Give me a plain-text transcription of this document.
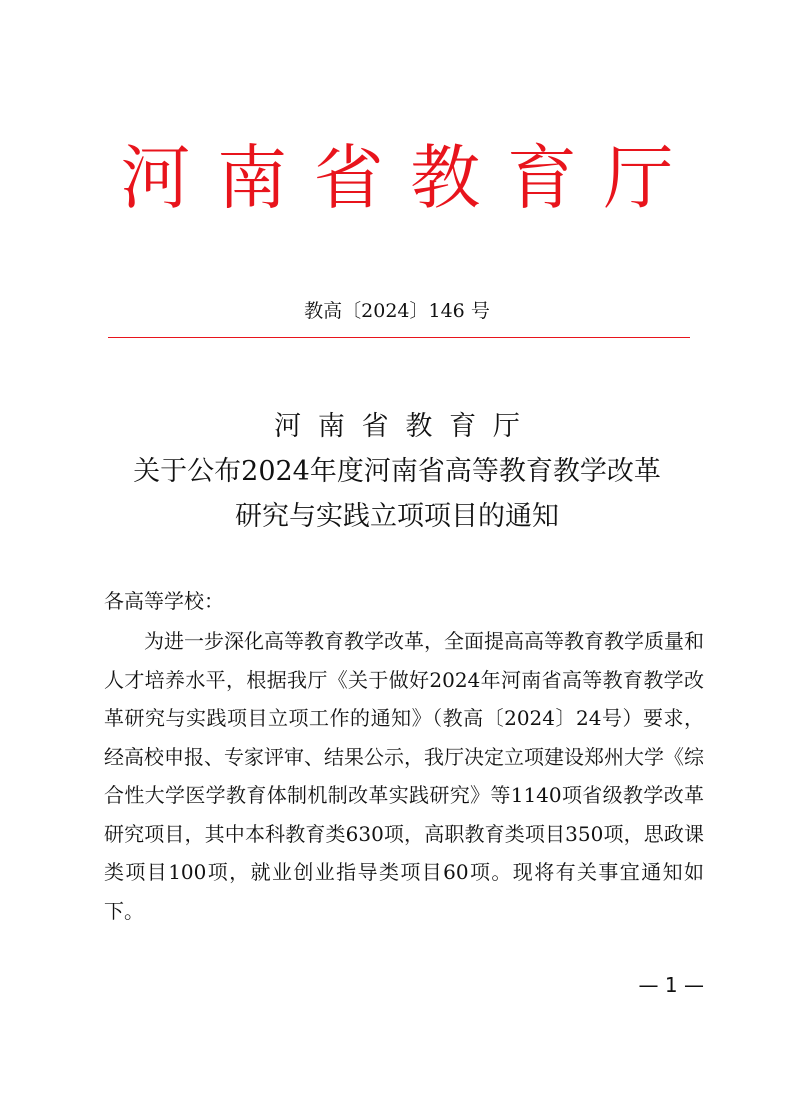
河南省教育厅
教高〔2024〕146 号
河南省教育厅
关于公布2024年度河南省高等教育教学改革
研究与实践立项项目的通知
各高等学校：

为进一步深化高等教育教学改革，全面提高高等教育教学质量和人才培养水平，根据我厅《关于做好2024年河南省高等教育教学改革研究与实践项目立项工作的通知》（教高〔2024〕24号）要求，经高校申报、专家评审、结果公示，我厅决定立项建设郑州大学《综合性大学医学教育体制机制改革实践研究》等1140项省级教学改革研究项目，其中本科教育类630项，高职教育类项目350项，思政课类项目100项，就业创业指导类项目60项。现将有关事宜通知如下。

— 1 —
